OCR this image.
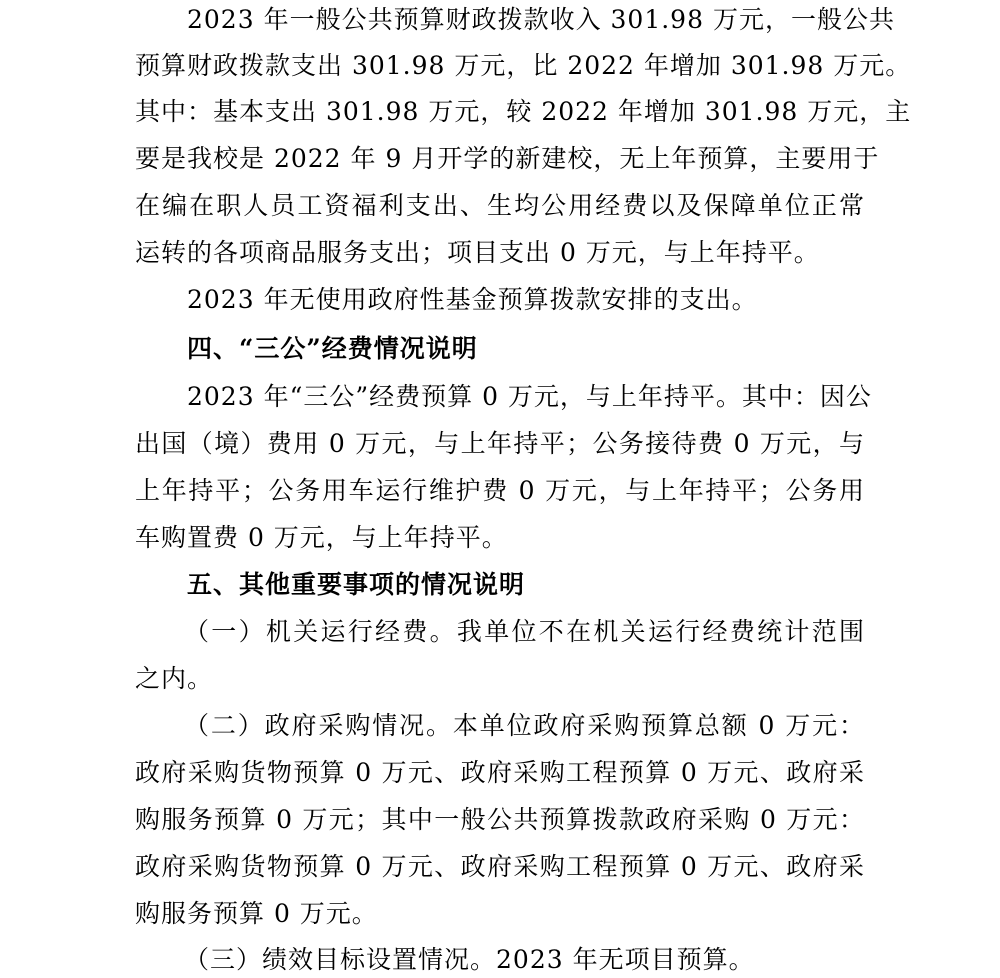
2023 年一般公共预算财政拨款收入 301.98 万元，一般公共
预算财政拨款支出 301.98 万元，比 2022 年增加 301.98 万元。
其中：基本支出 301.98 万元，较 2022 年增加 301.98 万元，主
要是我校是 2022 年 9 月开学的新建校，无上年预算，主要用于
在编在职人员工资福利支出、生均公用经费以及保障单位正常
运转的各项商品服务支出；项目支出 0 万元，与上年持平。
2023 年无使用政府性基金预算拨款安排的支出。
四、“三公”经费情况说明
2023 年“三公”经费预算 0 万元，与上年持平。其中：因公
出国（境）费用 0 万元，与上年持平；公务接待费 0 万元，与
上年持平；公务用车运行维护费 0 万元，与上年持平；公务用
车购置费 0 万元，与上年持平。
五、其他重要事项的情况说明
（一）机关运行经费。我单位不在机关运行经费统计范围
之内。
（二）政府采购情况。本单位政府采购预算总额 0 万元：
政府采购货物预算 0 万元、政府采购工程预算 0 万元、政府采
购服务预算 0 万元；其中一般公共预算拨款政府采购 0 万元：
政府采购货物预算 0 万元、政府采购工程预算 0 万元、政府采
购服务预算 0 万元。
（三）绩效目标设置情况。2023 年无项目预算。
